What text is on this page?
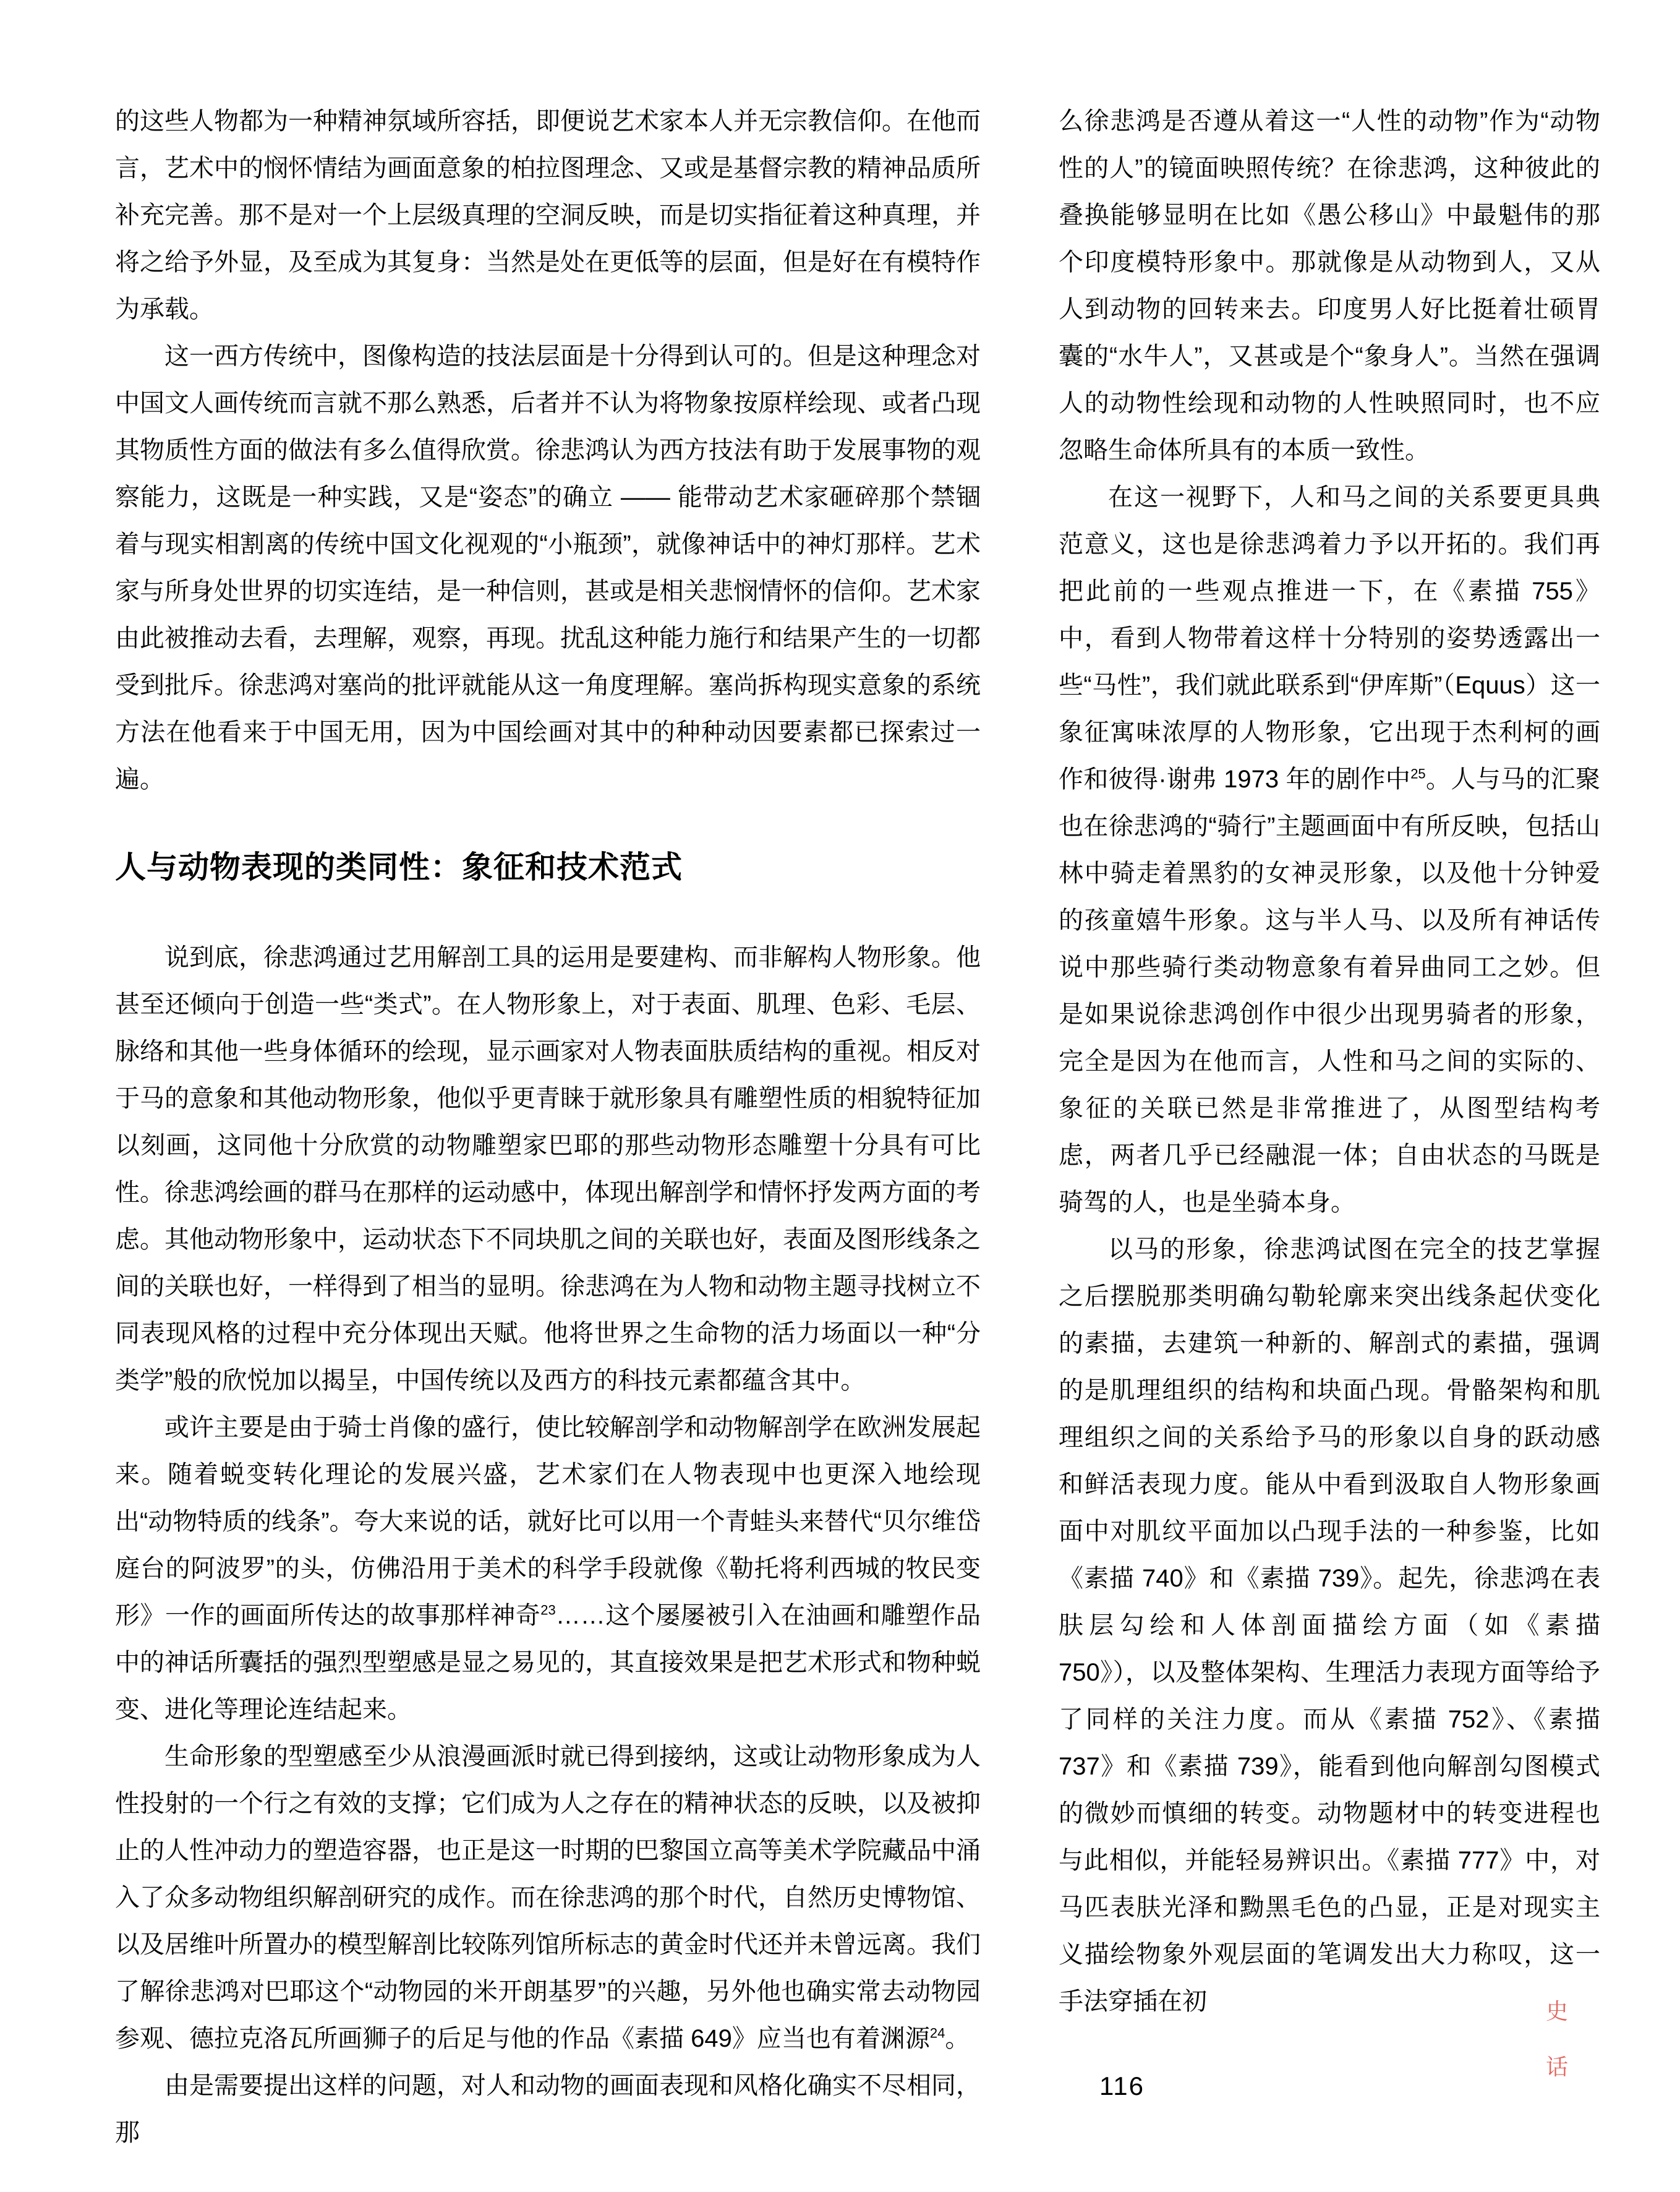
的这些人物都为一种精神氛域所容括，即便说艺术家本人并无宗教信仰。在他而言，艺术中的悯怀情结为画面意象的柏拉图理念、又或是基督宗教的精神品质所补充完善。那不是对一个上层级真理的空洞反映，而是切实指征着这种真理，并将之给予外显，及至成为其复身：当然是处在更低等的层面，但是好在有模特作为承载。

这一西方传统中，图像构造的技法层面是十分得到认可的。但是这种理念对中国文人画传统而言就不那么熟悉，后者并不认为将物象按原样绘现、或者凸现其物质性方面的做法有多么值得欣赏。徐悲鸿认为西方技法有助于发展事物的观察能力，这既是一种实践，又是“姿态”的确立 —— 能带动艺术家砸碎那个禁锢着与现实相割离的传统中国文化视观的“小瓶颈”，就像神话中的神灯那样。艺术家与所身处世界的切实连结，是一种信则，甚或是相关悲悯情怀的信仰。艺术家由此被推动去看，去理解，观察，再现。扰乱这种能力施行和结果产生的一切都受到批斥。徐悲鸿对塞尚的批评就能从这一角度理解。塞尚拆构现实意象的系统方法在他看来于中国无用，因为中国绘画对其中的种种动因要素都已探索过一遍。

人与动物表现的类同性：象征和技术范式

说到底，徐悲鸿通过艺用解剖工具的运用是要建构、而非解构人物形象。他甚至还倾向于创造一些“类式”。在人物形象上，对于表面、肌理、色彩、毛层、脉络和其他一些身体循环的绘现，显示画家对人物表面肤质结构的重视。相反对于马的意象和其他动物形象，他似乎更青睐于就形象具有雕塑性质的相貌特征加以刻画，这同他十分欣赏的动物雕塑家巴耶的那些动物形态雕塑十分具有可比性。徐悲鸿绘画的群马在那样的运动感中，体现出解剖学和情怀抒发两方面的考虑。其他动物形象中，运动状态下不同块肌之间的关联也好，表面及图形线条之间的关联也好，一样得到了相当的显明。徐悲鸿在为人物和动物主题寻找树立不同表现风格的过程中充分体现出天赋。他将世界之生命物的活力场面以一种“分类学”般的欣悦加以揭呈，中国传统以及西方的科技元素都蕴含其中。

或许主要是由于骑士肖像的盛行，使比较解剖学和动物解剖学在欧洲发展起来。随着蜕变转化理论的发展兴盛，艺术家们在人物表现中也更深入地绘现出“动物特质的线条”。夸大来说的话，就好比可以用一个青蛙头来替代“贝尔维岱庭台的阿波罗”的头，仿佛沿用于美术的科学手段就像《勒托将利西城的牧民变形》一作的画面所传达的故事那样神奇$^{23}$……这个屡屡被引入在油画和雕塑作品中的神话所囊括的强烈型塑感是显之易见的，其直接效果是把艺术形式和物种蜕变、进化等理论连结起来。

生命形象的型塑感至少从浪漫画派时就已得到接纳，这或让动物形象成为人性投射的一个行之有效的支撑；它们成为人之存在的精神状态的反映，以及被抑止的人性冲动力的塑造容器，也正是这一时期的巴黎国立高等美术学院藏品中涌入了众多动物组织解剖研究的成作。而在徐悲鸿的那个时代，自然历史博物馆、以及居维叶所置办的模型解剖比较陈列馆所标志的黄金时代还并未曾远离。我们了解徐悲鸿对巴耶这个“动物园的米开朗基罗”的兴趣，另外他也确实常去动物园参观、德拉克洛瓦所画狮子的后足与他的作品《素描 649》应当也有着渊源$^{24}$。

由是需要提出这样的问题，对人和动物的画面表现和风格化确实不尽相同，那

么徐悲鸿是否遵从着这一“人性的动物”作为“动物性的人”的镜面映照传统？在徐悲鸿，这种彼此的叠换能够显明在比如《愚公移山》中最魁伟的那个印度模特形象中。那就像是从动物到人，又从人到动物的回转来去。印度男人好比挺着壮硕胃囊的“水牛人”，又甚或是个“象身人”。当然在强调人的动物性绘现和动物的人性映照同时，也不应忽略生命体所具有的本质一致性。

在这一视野下，人和马之间的关系要更具典范意义，这也是徐悲鸿着力予以开拓的。我们再把此前的一些观点推进一下，在《素描 755》中，看到人物带着这样十分特别的姿势透露出一些“马性”，我们就此联系到“伊库斯”（Equus）这一象征寓味浓厚的人物形象，它出现于杰利柯的画作和彼得·谢弗 1973 年的剧作中$^{25}$。人与马的汇聚也在徐悲鸿的“骑行”主题画面中有所反映，包括山林中骑走着黑豹的女神灵形象，以及他十分钟爱的孩童嬉牛形象。这与半人马、以及所有神话传说中那些骑行类动物意象有着异曲同工之妙。但是如果说徐悲鸿创作中很少出现男骑者的形象，完全是因为在他而言，人性和马之间的实际的、象征的关联已然是非常推进了，从图型结构考虑，两者几乎已经融混一体；自由状态的马既是骑驾的人，也是坐骑本身。

以马的形象，徐悲鸿试图在完全的技艺掌握之后摆脱那类明确勾勒轮廓来突出线条起伏变化的素描，去建筑一种新的、解剖式的素描，强调的是肌理组织的结构和块面凸现。骨骼架构和肌理组织之间的关系给予马的形象以自身的跃动感和鲜活表现力度。能从中看到汲取自人物形象画面中对肌纹平面加以凸现手法的一种参鉴，比如《素描 740》和《素描 739》。起先，徐悲鸿在表肤层勾绘和人体剖面描绘方面（如《素描 750》），以及整体架构、生理活力表现方面等给予了同样的关注力度。而从《素描 752》、《素描 737》和《素描 739》，能看到他向解剖勾图模式的微妙而慎细的转变。动物题材中的转变进程也与此相似，并能轻易辨识出。《素描 777》中，对马匹表肤光泽和黝黑毛色的凸显，正是对现实主义描绘物象外观层面的笔调发出大力称叹，这一手法穿插在初	史
话
116
